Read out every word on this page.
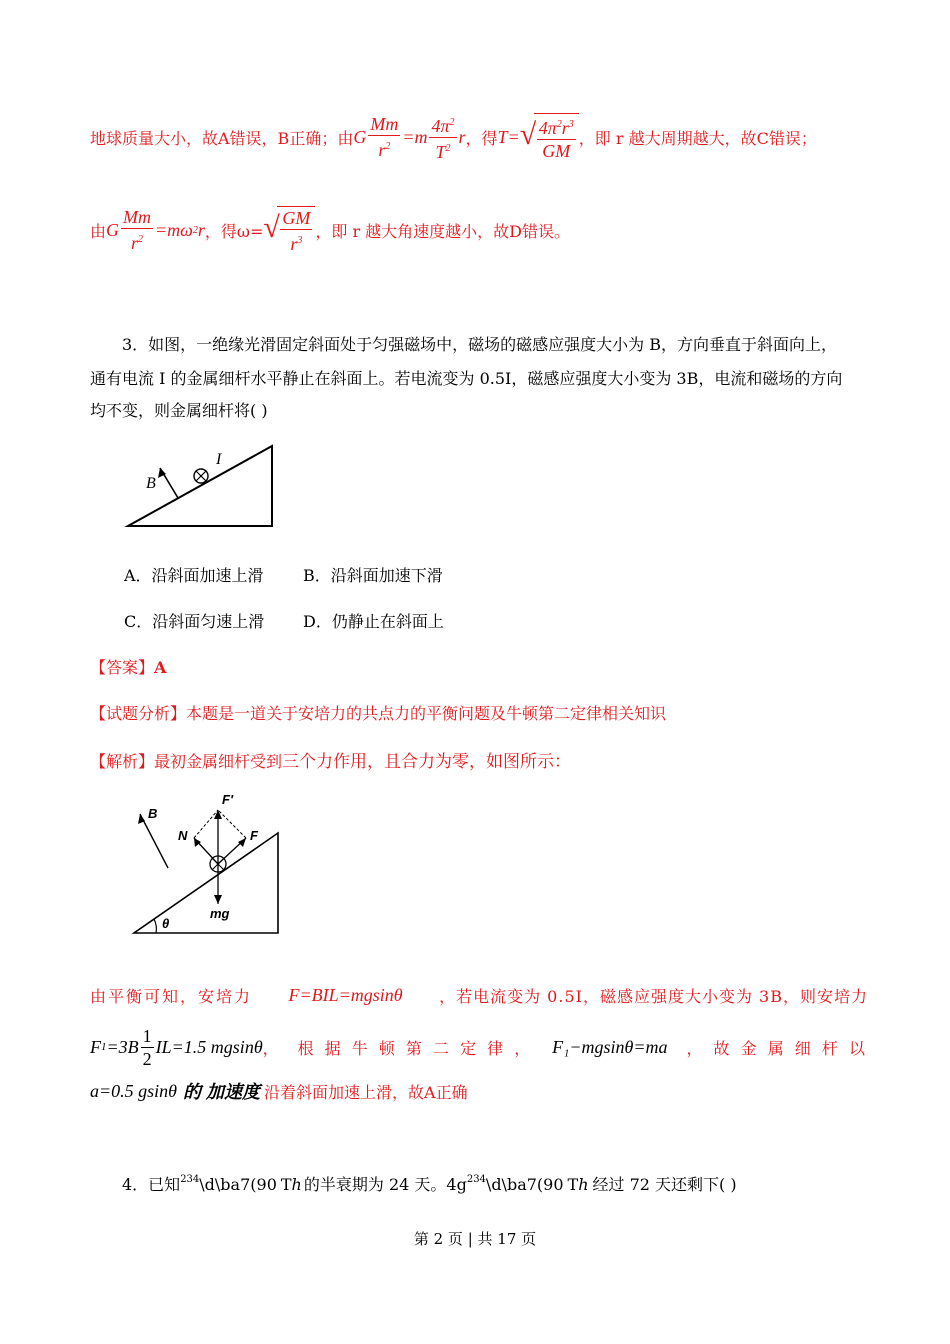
地球质量大小，故A错误，B正确；由 G $\frac{Mm}{r^2} =m \frac{4\pi^2}{T^2}$ r ，得 T= √ $\frac{4\pi^2r^3}{GM}$ ，即 r 越大周期越大，故C错误；
由 G $\frac{Mm}{r^2} =m\omega$ 2 r ，得ω= √ $\frac{GM}{r^3}$ ，即 r 越大角速度越小，故D错误。
3．如图，一绝缘光滑固定斜面处于匀强磁场中，磁场的磁感应强度大小为 B，方向垂直于斜面向上，
通有电流 I 的金属细杆水平静止在斜面上。若电流变为 0.5I，磁感应强度大小变为 3B，电流和磁场的方向
均不变，则金属细杆将( )
B
I
A．沿斜面加速上滑 B．沿斜面加速下滑
C．沿斜面匀速上滑 D．仍静止在斜面上
【答案】A
【试题分析】本题是一道关于安培力的共点力的平衡问题及牛顿第二定律相关知识
【解析】最初金属细杆受到三个力作用，且合力为零，如图所示：
B
F′
N	F
mg
θ
由平衡可知，安培力 F=BIL=mgsinθ ，若电流变为 0.5I，磁感应强度大小变为 3B，则安培力
F $1 =3B \frac{1}{2} IL=1.5$ mgsinθ ， 根 据 牛 顿 第 二 定 律 ， F₁−mgsinθ=ma ， 故 金 属 细 杆 以
a=0.5 gsinθ 的 加速度 沿着斜面加速上滑，故A正确
4．已知 234 \d\ba7(90 Th 的半衰期为 24 天。4g 234 \d\ba7(90 Th 经过 72 天还剩下( )
第 2 页 | 共 17 页
